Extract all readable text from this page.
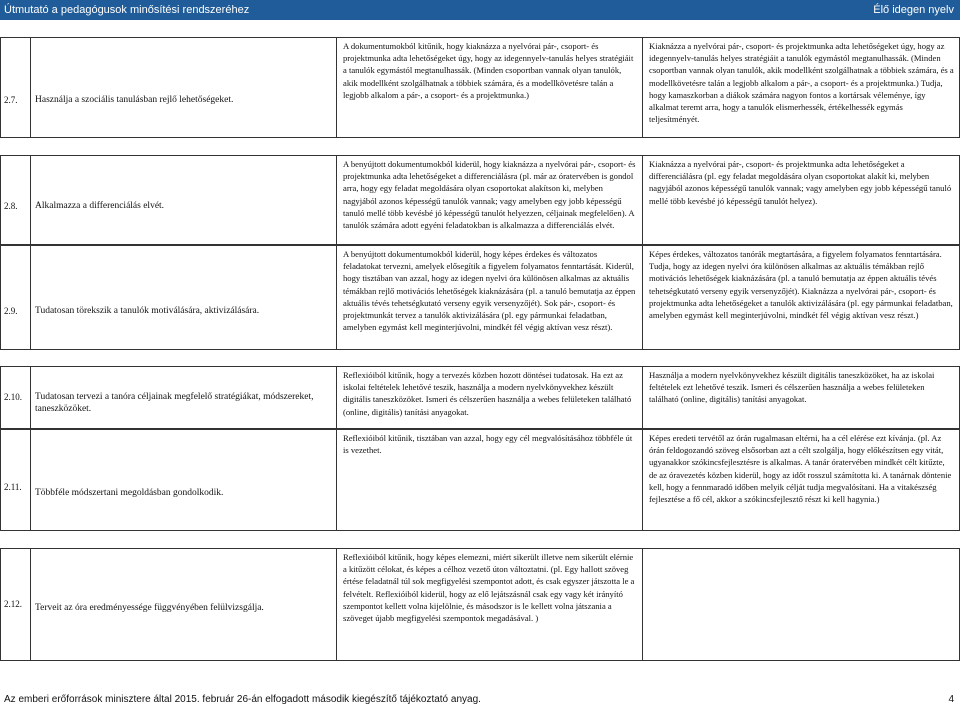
Útmutató a pedagógusok minősítési rendszeréhez	Élő idegen nyelv
2.7. Használja a szociális tanulásban rejlő lehetőségeket.
A dokumentumokból kitűnik, hogy kiaknázza a nyelvórai pár-, csoport- és projektmunka adta lehetőségeket úgy, hogy az idegennyelv-tanulás helyes stratégiáit a tanulók egymástól megtanulhassák. (Minden csoportban vannak olyan tanulók, akik modellként szolgálhatnak a többiek számára, és a modellkövetésre talán a legjobb alkalom a pár-, a csoport- és a projektmunka.)
Kiaknázza a nyelvórai pár-, csoport- és projektmunka adta lehetőségeket úgy, hogy az idegennyelv-tanulás helyes stratégiáit a tanulók egymástól megtanulhassák. (Minden csoportban vannak olyan tanulók, akik modellként szolgálhatnak a többiek számára, és a modellkövetésre talán a legjobb alkalom a pár-, a csoport- és a projektmunka.) Tudja, hogy kamaszkorban a diákok számára nagyon fontos a kortársak véleménye, így alkalmat teremt arra, hogy a tanulók elismerhessék, értékelhessék egymás teljesítményét.
2.8. Alkalmazza a differenciálás elvét.
A benyújtott dokumentumokból kiderül, hogy kiaknázza a nyelvórai pár-, csoport- és projektmunka adta lehetőségeket a differenciálásra (pl. már az óratervében is gondol arra, hogy egy feladat megoldására olyan csoportokat alakítson ki, melyben nagyjából azonos képességű tanulók vannak; vagy amelyben egy jobb képességű tanuló mellé több kevésbé jó képességű tanulót helyezzen, céljainak megfelelően). A tanulók számára adott egyéni feladatokban is alkalmazza a differenciálás elvét.
Kiaknázza a nyelvórai pár-, csoport- és projektmunka adta lehetőségeket a differenciálásra (pl. egy feladat megoldására olyan csoportokat alakít ki, melyben nagyjából azonos képességű tanulók vannak; vagy amelyben egy jobb képességű tanuló mellé több kevésbé jó képességű tanulót helyez).
2.9. Tudatosan törekszik a tanulók motiválására, aktivizálására.
A benyújtott dokumentumokból kiderül, hogy képes érdekes és változatos feladatokat tervezni, amelyek elősegítik a figyelem folyamatos fenntartását. Kiderül, hogy tisztában van azzal, hogy az idegen nyelvi óra különösen alkalmas az aktuális témákban rejlő motivációs lehetőségek kiaknázására (pl. a tanuló bemutatja az éppen aktuális tévés tehetségkutató verseny egyik versenyzőjét). Sok pár-, csoport- és projektmunkát tervez a tanulók aktivizálására (pl. egy pármunkai feladatban, amelyben egymást kell meginterjúvolni, mindkét fél végig aktívan vesz részt).
Képes érdekes, változatos tanórák megtartására, a figyelem folyamatos fenntartására. Tudja, hogy az idegen nyelvi óra különösen alkalmas az aktuális témákban rejlő motivációs lehetőségek kiaknázására (pl. a tanuló bemutatja az éppen aktuális tévés tehetségkutató verseny egyik versenyzőjét). Kiaknázza a nyelvórai pár-, csoport- és projektmunka adta lehetőségeket a tanulók aktivizálására (pl. egy pármunkai feladatban, amelyben egymást kell meginterjúvolni, mindkét fél végig aktívan vesz részt.)
2.10. Tudatosan tervezi a tanóra céljainak megfelelő stratégiákat, módszereket, taneszközöket.
Reflexióiból kitűnik, hogy a tervezés közben hozott döntései tudatosak. Ha ezt az iskolai feltételek lehetővé teszik, használja a modern nyelvkönyvekhez készült digitális taneszközöket. Ismeri és célszerűen használja a webes felületeken található (online, digitális) tanítási anyagokat.
Használja a modern nyelvkönyvekhez készült digitális taneszközöket, ha az iskolai feltételek ezt lehetővé teszik. Ismeri és célszerűen használja a webes felületeken található (online, digitális) tanítási anyagokat.
2.11.
Többféle módszertani megoldásban gondolkodik.
Reflexióiból kitűnik, tisztában van azzal, hogy egy cél megvalósításához többféle út is vezethet.
Képes eredeti tervétől az órán rugalmasan eltérni, ha a cél elérése ezt kívánja. (pl. Az órán feldogozandó szöveg elsősorban azt a célt szolgálja, hogy előkészítsen egy vitát, ugyanakkor szókincsfejlesztésre is alkalmas. A tanár óratervében mindkét célt kitűzte, de az óravezetés közben kiderül, hogy az időt rosszul számította ki. A tanárnak döntenie kell, hogy a fennmaradó időben melyik célját tudja megvalósítani. Ha a vitakészség fejlesztése a fő cél, akkor a szókincsfejlesztő részt ki kell hagynia.)
2.12. Terveit az óra eredményessége függvényében felülvizsgálja.
Reflexióiból kitűnik, hogy képes elemezni, miért sikerült illetve nem sikerült elérnie a kitűzött célokat, és képes a célhoz vezető úton változtatni. (pl. Egy hallott szöveg értése feladatnál túl sok megfigyelési szempontot adott, és csak egyszer játszotta le a felvételt. Reflexióiból kiderül, hogy az elő lejátszásnál csak egy vagy két irányító szempontot kellett volna kijelölnie, és másodszor is le kellett volna játszania a szöveget újabb megfigyelési szempontok megadásával. )
Az emberi erőforrások minisztere által 2015. február 26-án elfogadott második kiegészítő tájékoztató anyag.	4
